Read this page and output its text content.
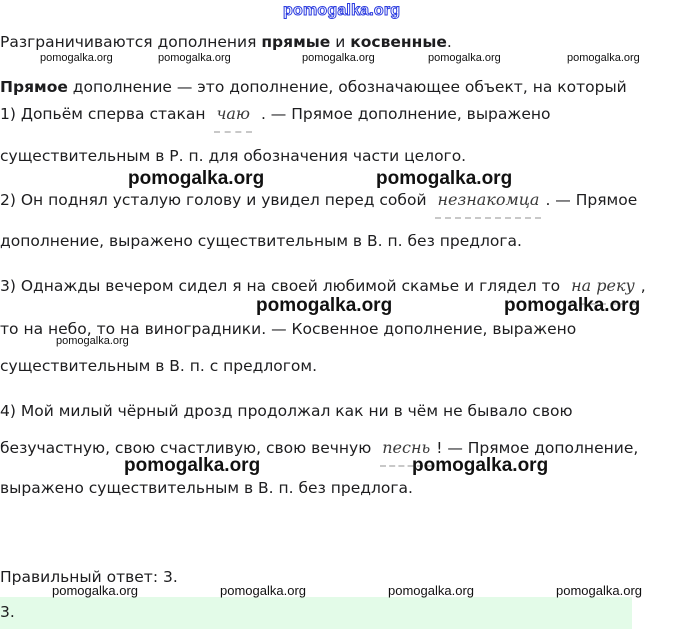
pomogalka.org
Разграничиваются дополнения прямые и косвенные.
Прямое дополнение — это дополнение, обозначающее объект, на который
1) Допьём сперва стакан чаю . — Прямое дополнение, выражено
существительным в Р. п. для обозначения части целого.
2) Он поднял усталую голову и увидел перед собой незнакомца . — Прямое
дополнение, выражено существительным в В. п. без предлога.
3) Однажды вечером сидел я на своей любимой скамье и глядел то на реку ,
то на небо, то на виноградники. — Косвенное дополнение, выражено
существительным в В. п. с предлогом.
4) Мой милый чёрный дрозд продолжал как ни в чём не бывало свою
безучастную, свою счастливую, свою вечную песнь ! — Прямое дополнение,
выражено существительным в В. п. без предлога.
Правильный ответ: 3.
3.
pomogalka.org	pomogalka.org	pomogalka.org	pomogalka.org	pomogalka.org
pomogalka.org
pomogalka.org	pomogalka.org
pomogalka.org	pomogalka.org
pomogalka.org	pomogalka.org
pomogalka.org	pomogalka.org	pomogalka.org	pomogalka.org
